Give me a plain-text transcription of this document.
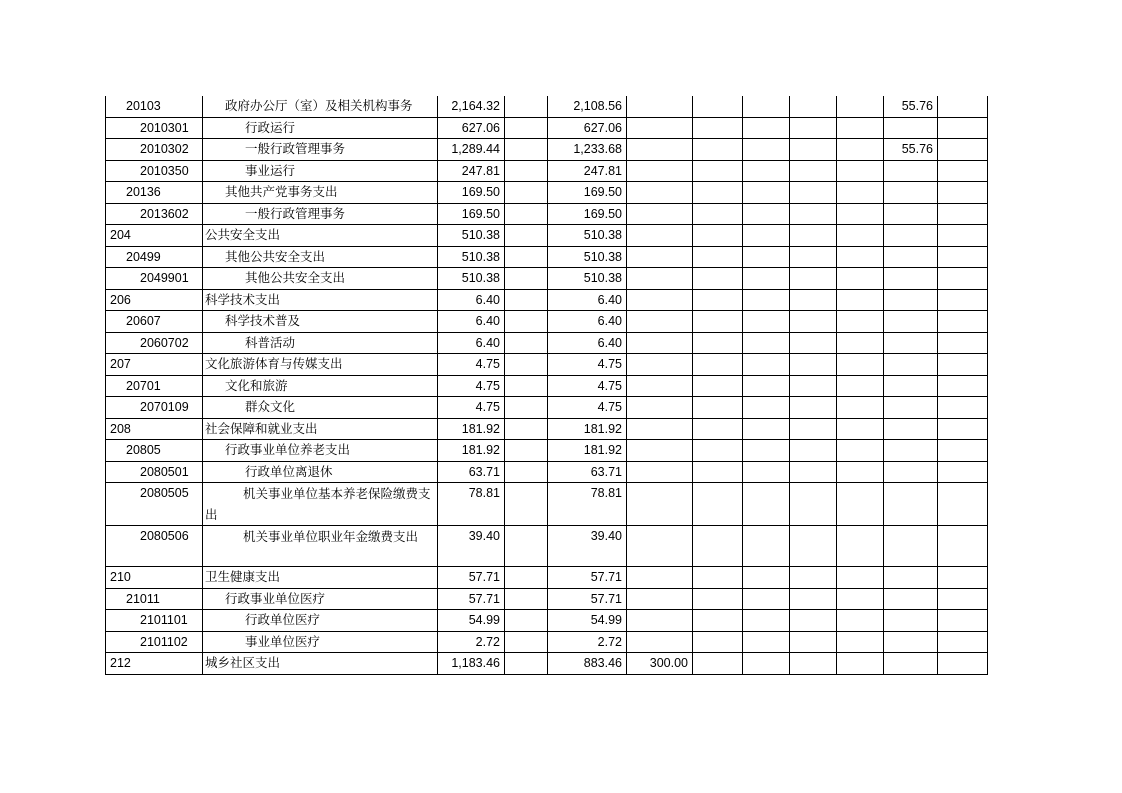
20103	政府办公厅（室）及相关机构事务	2,164.32		2,108.56						55.76	
2010301	行政运行	627.06		627.06							
2010302	一般行政管理事务	1,289.44		1,233.68						55.76	
2010350	事业运行	247.81		247.81							
20136	其他共产党事务支出	169.50		169.50							
2013602	一般行政管理事务	169.50		169.50							
204	公共安全支出	510.38		510.38							
20499	其他公共安全支出	510.38		510.38							
2049901	其他公共安全支出	510.38		510.38							
206	科学技术支出	6.40		6.40							
20607	科学技术普及	6.40		6.40							
2060702	科普活动	6.40		6.40							
207	文化旅游体育与传媒支出	4.75		4.75							
20701	文化和旅游	4.75		4.75							
2070109	群众文化	4.75		4.75							
208	社会保障和就业支出	181.92		181.92							
20805	行政事业单位养老支出	181.92		181.92							
2080501	行政单位离退休	63.71		63.71							
2080505	机关事业单位基本养老保险缴费支出	78.81		78.81							
2080506	机关事业单位职业年金缴费支出	39.40		39.40							
210	卫生健康支出	57.71		57.71							
21011	行政事业单位医疗	57.71		57.71							
2101101	行政单位医疗	54.99		54.99							
2101102	事业单位医疗	2.72		2.72							
212	城乡社区支出	1,183.46		883.46	300.00						
